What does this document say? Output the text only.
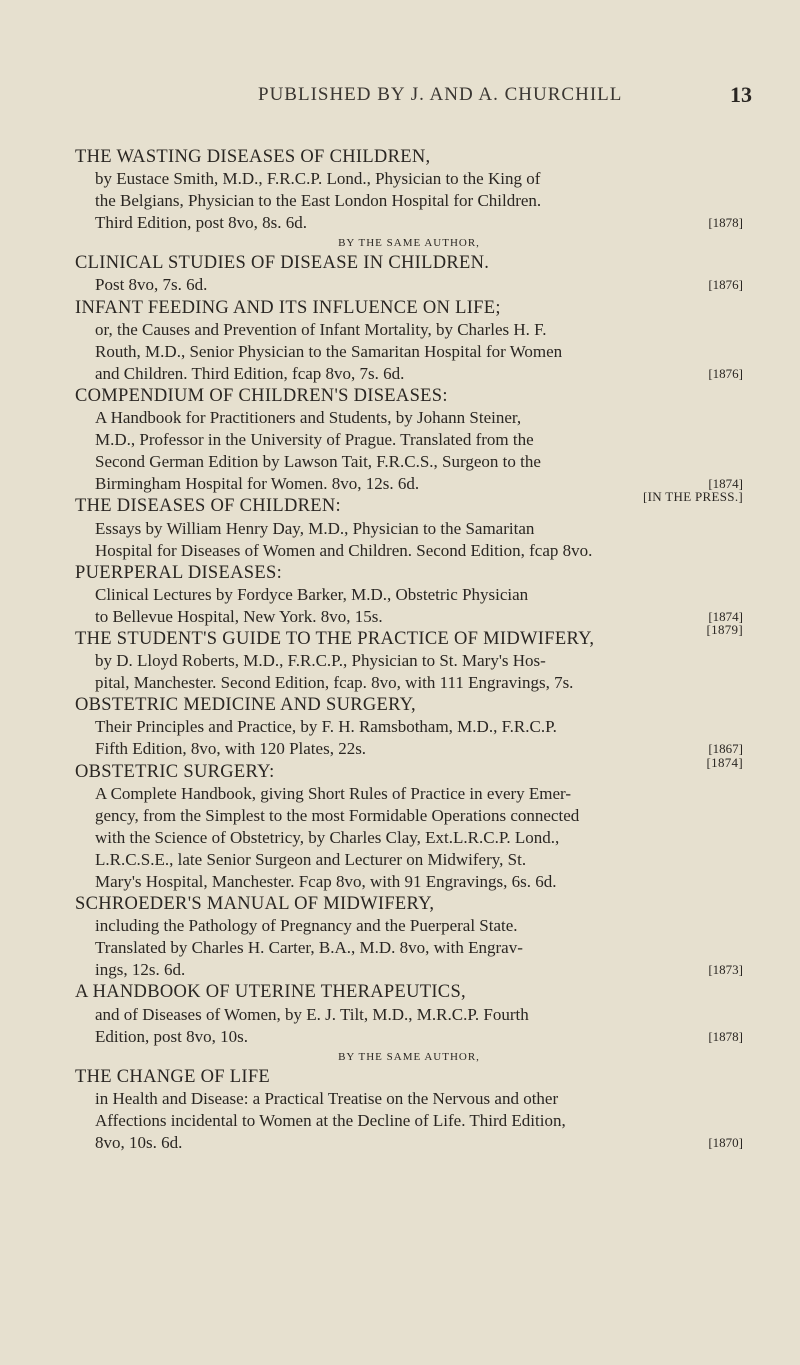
PUBLISHED BY J. AND A. CHURCHILL	13
THE WASTING DISEASES OF CHILDREN,
by Eustace Smith, M.D., F.R.C.P. Lond., Physician to the King of
the Belgians, Physician to the East London Hospital for Children.
Third Edition, post 8vo, 8s. 6d.	[1878]
BY THE SAME AUTHOR,
CLINICAL STUDIES OF DISEASE IN CHILDREN.
Post 8vo, 7s. 6d.	[1876]
INFANT FEEDING AND ITS INFLUENCE ON LIFE;
or, the Causes and Prevention of Infant Mortality, by Charles H. F.
Routh, M.D., Senior Physician to the Samaritan Hospital for Women
and Children. Third Edition, fcap 8vo, 7s. 6d.	[1876]
COMPENDIUM OF CHILDREN'S DISEASES:
A Handbook for Practitioners and Students, by Johann Steiner,
M.D., Professor in the University of Prague. Translated from the
Second German Edition by Lawson Tait, F.R.C.S., Surgeon to the
Birmingham Hospital for Women. 8vo, 12s. 6d.	[1874]
THE DISEASES OF CHILDREN:	[IN THE PRESS.]
Essays by William Henry Day, M.D., Physician to the Samaritan
Hospital for Diseases of Women and Children. Second Edition, fcap 8vo.
PUERPERAL DISEASES:
Clinical Lectures by Fordyce Barker, M.D., Obstetric Physician
to Bellevue Hospital, New York. 8vo, 15s.	[1874]
THE STUDENT'S GUIDE TO THE PRACTICE OF MIDWIFERY,	[1879]
by D. Lloyd Roberts, M.D., F.R.C.P., Physician to St. Mary's Hos-
pital, Manchester. Second Edition, fcap. 8vo, with 111 Engravings, 7s.
OBSTETRIC MEDICINE AND SURGERY,
Their Principles and Practice, by F. H. Ramsbotham, M.D., F.R.C.P.
Fifth Edition, 8vo, with 120 Plates, 22s.	[1867]
OBSTETRIC SURGERY:	[1874]
A Complete Handbook, giving Short Rules of Practice in every Emer-
gency, from the Simplest to the most Formidable Operations connected
with the Science of Obstetricy, by Charles Clay, Ext.L.R.C.P. Lond.,
L.R.C.S.E., late Senior Surgeon and Lecturer on Midwifery, St.
Mary's Hospital, Manchester. Fcap 8vo, with 91 Engravings, 6s. 6d.
SCHROEDER'S MANUAL OF MIDWIFERY,
including the Pathology of Pregnancy and the Puerperal State.
Translated by Charles H. Carter, B.A., M.D. 8vo, with Engrav-
ings, 12s. 6d.	[1873]
A HANDBOOK OF UTERINE THERAPEUTICS,
and of Diseases of Women, by E. J. Tilt, M.D., M.R.C.P. Fourth
Edition, post 8vo, 10s.	[1878]
BY THE SAME AUTHOR,
THE CHANGE OF LIFE
in Health and Disease: a Practical Treatise on the Nervous and other
Affections incidental to Women at the Decline of Life. Third Edition,
8vo, 10s. 6d.	[1870]
